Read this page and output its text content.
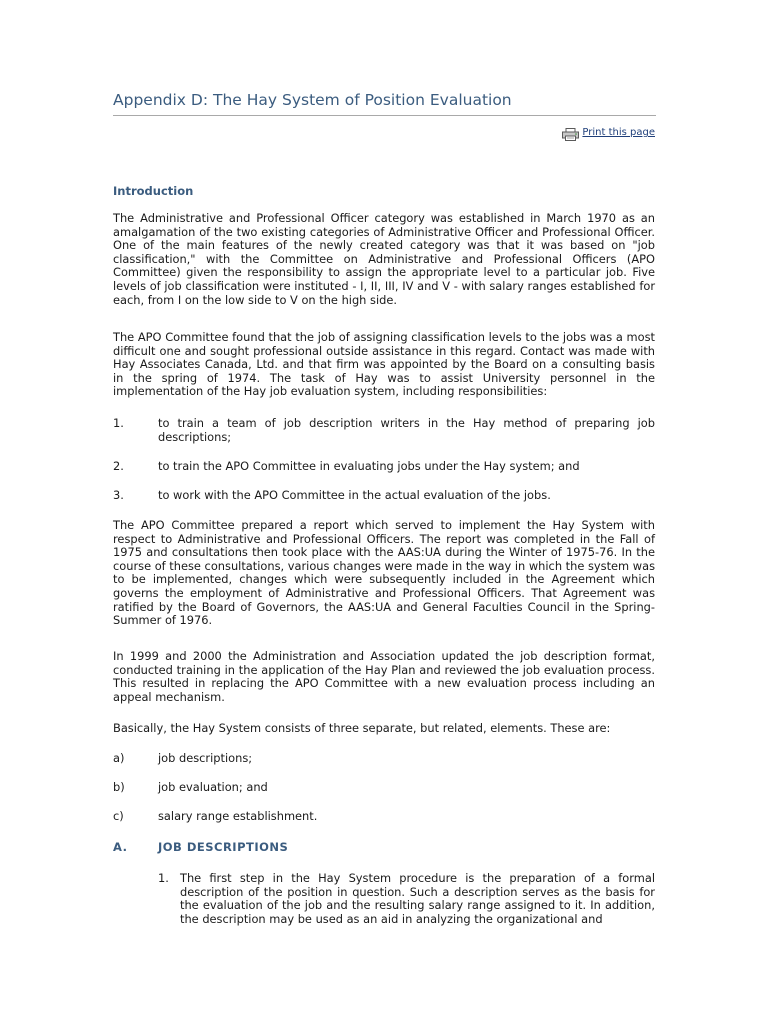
Appendix D: The Hay System of Position Evaluation
Print this page
Introduction

The Administrative and Professional Officer category was established in March 1970 as an amalgamation of the two existing categories of Administrative Officer and Professional Officer. One of the main features of the newly created category was that it was based on "job classification," with the Committee on Administrative and Professional Officers (APO Committee) given the responsibility to assign the appropriate level to a particular job. Five levels of job classification were instituted - I, II, III, IV and V - with salary ranges established for each, from I on the low side to V on the high side.

The APO Committee found that the job of assigning classification levels to the jobs was a most difficult one and sought professional outside assistance in this regard. Contact was made with Hay Associates Canada, Ltd. and that firm was appointed by the Board on a consulting basis in the spring of 1974. The task of Hay was to assist University personnel in the implementation of the Hay job evaluation system, including responsibilities:

1.	to train a team of job description writers in the Hay method of preparing job descriptions;
2.	to train the APO Committee in evaluating jobs under the Hay system; and
3.	to work with the APO Committee in the actual evaluation of the jobs.

The APO Committee prepared a report which served to implement the Hay System with respect to Administrative and Professional Officers. The report was completed in the Fall of 1975 and consultations then took place with the AAS:UA during the Winter of 1975-76. In the course of these consultations, various changes were made in the way in which the system was to be implemented, changes which were subsequently included in the Agreement which governs the employment of Administrative and Professional Officers. That Agreement was ratified by the Board of Governors, the AAS:UA and General Faculties Council in the Spring-Summer of 1976.

In 1999 and 2000 the Administration and Association updated the job description format, conducted training in the application of the Hay Plan and reviewed the job evaluation process. This resulted in replacing the APO Committee with a new evaluation process including an appeal mechanism.

Basically, the Hay System consists of three separate, but related, elements. These are:

a)	job descriptions;
b)	job evaluation; and
c)	salary range establishment.
A.	JOB DESCRIPTIONS
1. The first step in the Hay System procedure is the preparation of a formal description of the position in question. Such a description serves as the basis for the evaluation of the job and the resulting salary range assigned to it. In addition, the description may be used as an aid in analyzing the organizational and
